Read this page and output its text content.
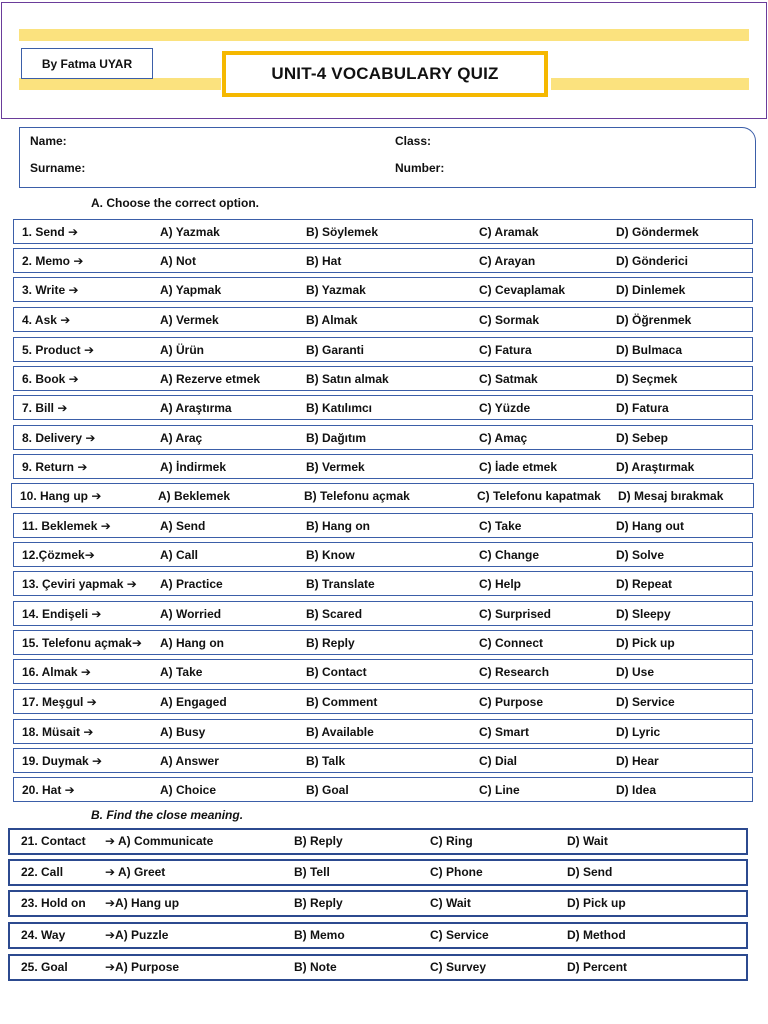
By Fatma UYAR
UNIT-4 VOCABULARY QUIZ
Name:	Class:
Surname:	Number:
A. Choose the correct option.
1. Send ➔	A) Yazmak	B) Söylemek	C) Aramak	D) Göndermek
2. Memo ➔	A) Not	B) Hat	C) Arayan	D) Gönderici
3. Write ➔	A) Yapmak	B) Yazmak	C) Cevaplamak	D) Dinlemek
4. Ask ➔	A) Vermek	B) Almak	C) Sormak	D) Öğrenmek
5. Product ➔	A) Ürün	B) Garanti	C) Fatura	D) Bulmaca
6. Book ➔	A) Rezerve etmek	B) Satın almak	C) Satmak	D) Seçmek
7. Bill ➔	A) Araştırma	B) Katılımcı	C) Yüzde	D) Fatura
8. Delivery ➔	A) Araç	B) Dağıtım	C) Amaç	D) Sebep
9. Return ➔	A) İndirmek	B) Vermek	C) İade etmek	D) Araştırmak
10. Hang up ➔	A) Beklemek	B) Telefonu açmak	C) Telefonu kapatmak D) Mesaj bırakmak
11. Beklemek ➔	A) Send	B) Hang on	C) Take	D) Hang out
12.Çözmek➔	A) Call	B) Know	C) Change	D) Solve
13. Çeviri yapmak ➔ A) Practice	B) Translate	C) Help	D) Repeat
14. Endişeli ➔	A) Worried	B) Scared	C) Surprised	D) Sleepy
15. Telefonu açmak➔ A) Hang on	B) Reply	C) Connect	D) Pick up
16. Almak ➔	A) Take	B) Contact	C) Research	D) Use
17. Meşgul ➔	A) Engaged	B) Comment	C) Purpose	D) Service
18. Müsait ➔	A) Busy	B) Available	C) Smart	D) Lyric
19. Duymak ➔	A) Answer	B) Talk	C) Dial	D) Hear
20. Hat ➔	A) Choice	B) Goal	C) Line	D) Idea
B. Find the close meaning.
21. Contact ➔ A) Communicate	B) Reply	C) Ring	D) Wait
22. Call	➔ A) Greet	B) Tell	C) Phone	D) Send
23. Hold on ➔A) Hang up	B) Reply	C) Wait	D) Pick up
24. Way	➔A) Puzzle	B) Memo	C) Service	D) Method
25. Goal	➔A) Purpose	B) Note	C) Survey	D) Percent
